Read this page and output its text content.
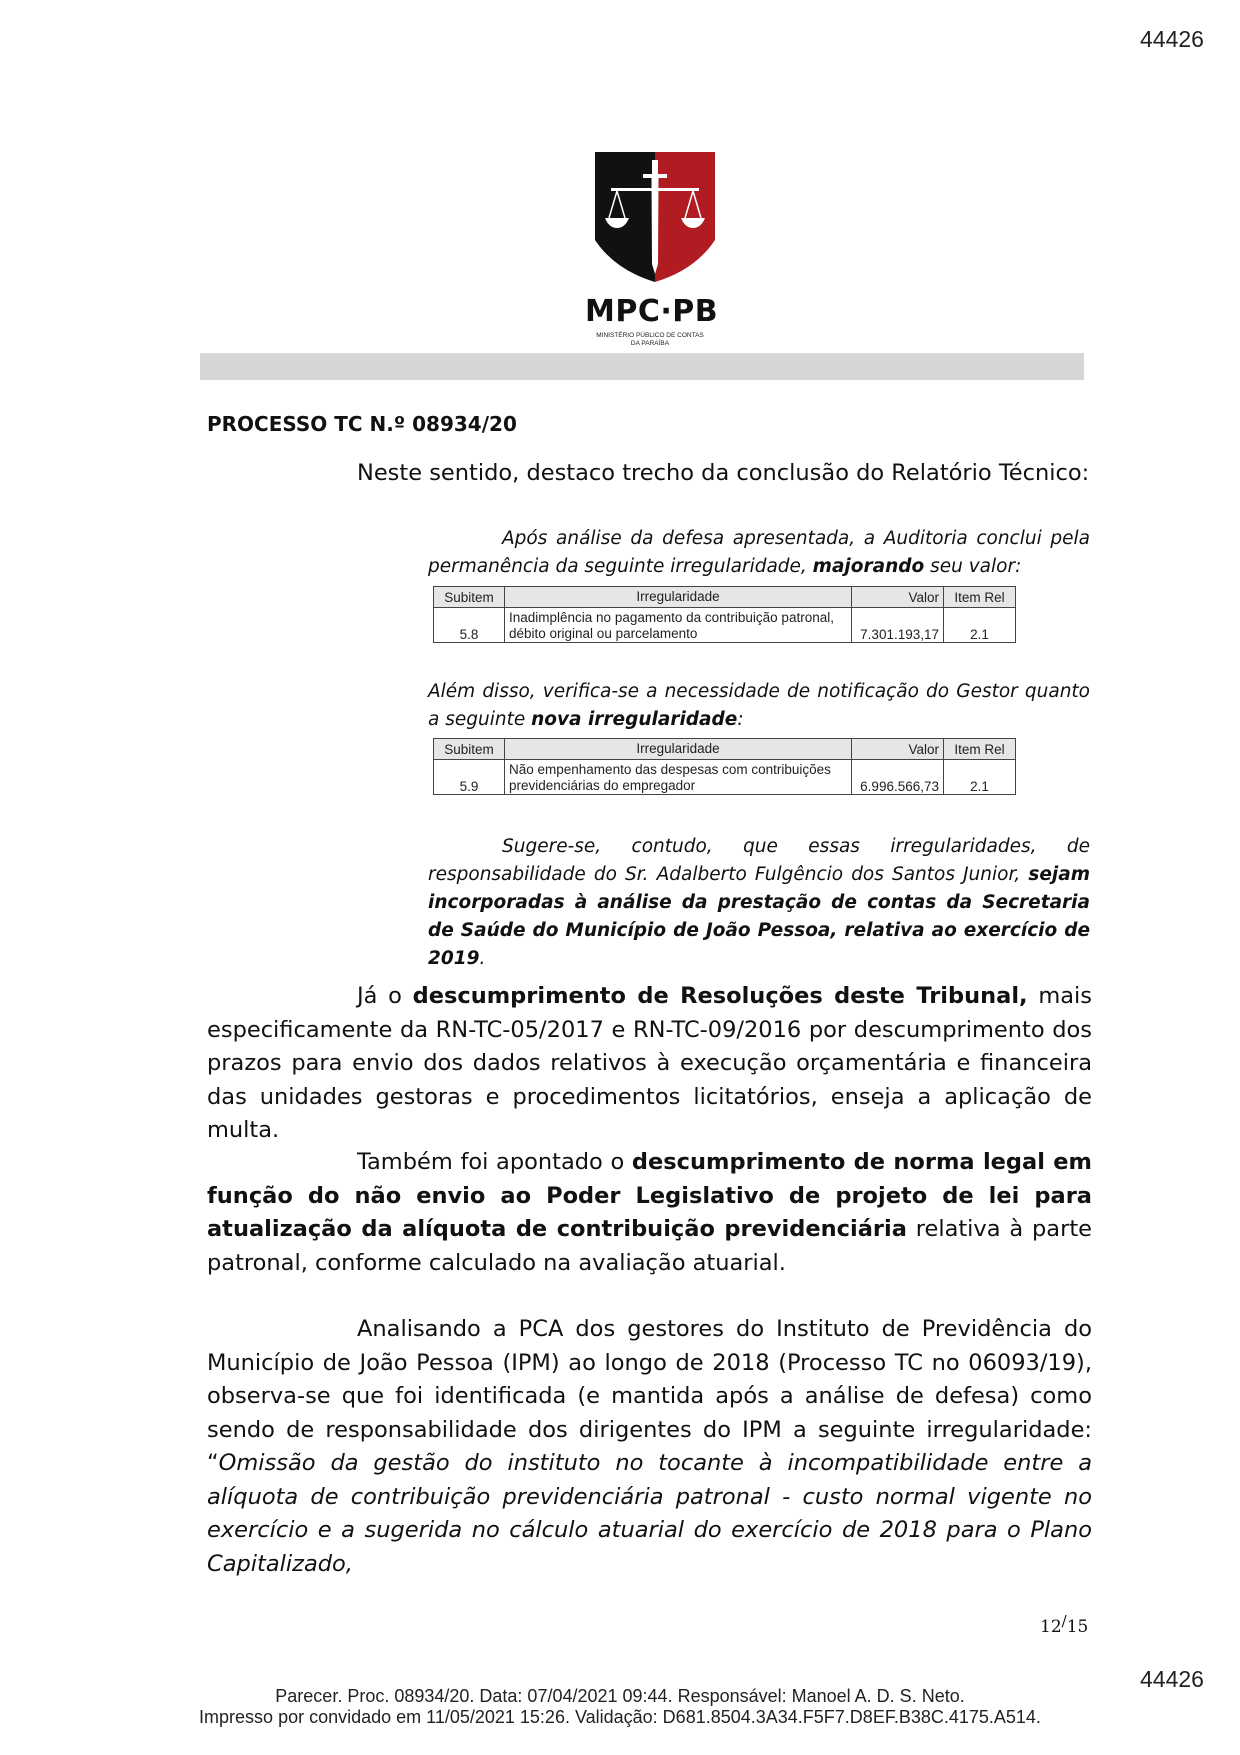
44426
MPC·PB
MINISTÉRIO PÚBLICO DE CONTAS
DA PARAÍBA
PROCESSO TC N.º 08934/20
Neste sentido, destaco trecho da conclusão do Relatório Técnico:
Após análise da defesa apresentada, a Auditoria conclui pela permanência da seguinte irregularidade, majorando seu valor:
Subitem	Irregularidade	Valor	Item Rel
5.8	Inadimplência no pagamento da contribuição patronal, débito original ou parcelamento	7.301.193,17	2.1
Além disso, verifica-se a necessidade de notificação do Gestor quanto a seguinte nova irregularidade:
Subitem	Irregularidade	Valor	Item Rel
5.9	Não empenhamento das despesas com contribuições previdenciárias do empregador	6.996.566,73	2.1
Sugere-se, contudo, que essas irregularidades, de responsabilidade do Sr. Adalberto Fulgêncio dos Santos Junior, sejam incorporadas à análise da prestação de contas da Secretaria de Saúde do Município de João Pessoa, relativa ao exercício de 2019.
Já o descumprimento de Resoluções deste Tribunal, mais especificamente da RN-TC-05/2017 e RN-TC-09/2016 por descumprimento dos prazos para envio dos dados relativos à execução orçamentária e financeira das unidades gestoras e procedimentos licitatórios, enseja a aplicação de multa.
Também foi apontado o descumprimento de norma legal em função do não envio ao Poder Legislativo de projeto de lei para atualização da alíquota de contribuição previdenciária relativa à parte patronal, conforme calculado na avaliação atuarial.
Analisando a PCA dos gestores do Instituto de Previdência do Município de João Pessoa (IPM) ao longo de 2018 (Processo TC no 06093/19), observa-se que foi identificada (e mantida após a análise de defesa) como sendo de responsabilidade dos dirigentes do IPM a seguinte irregularidade: “Omissão da gestão do instituto no tocante à incompatibilidade entre a alíquota de contribuição previdenciária patronal - custo normal vigente no exercício e a sugerida no cálculo atuarial do exercício de 2018 para o Plano Capitalizado,
12/15
44426
Parecer. Proc. 08934/20. Data: 07/04/2021 09:44. Responsável: Manoel A. D. S. Neto.
Impresso por convidado em 11/05/2021 15:26. Validação: D681.8504.3A34.F5F7.D8EF.B38C.4175.A514.
